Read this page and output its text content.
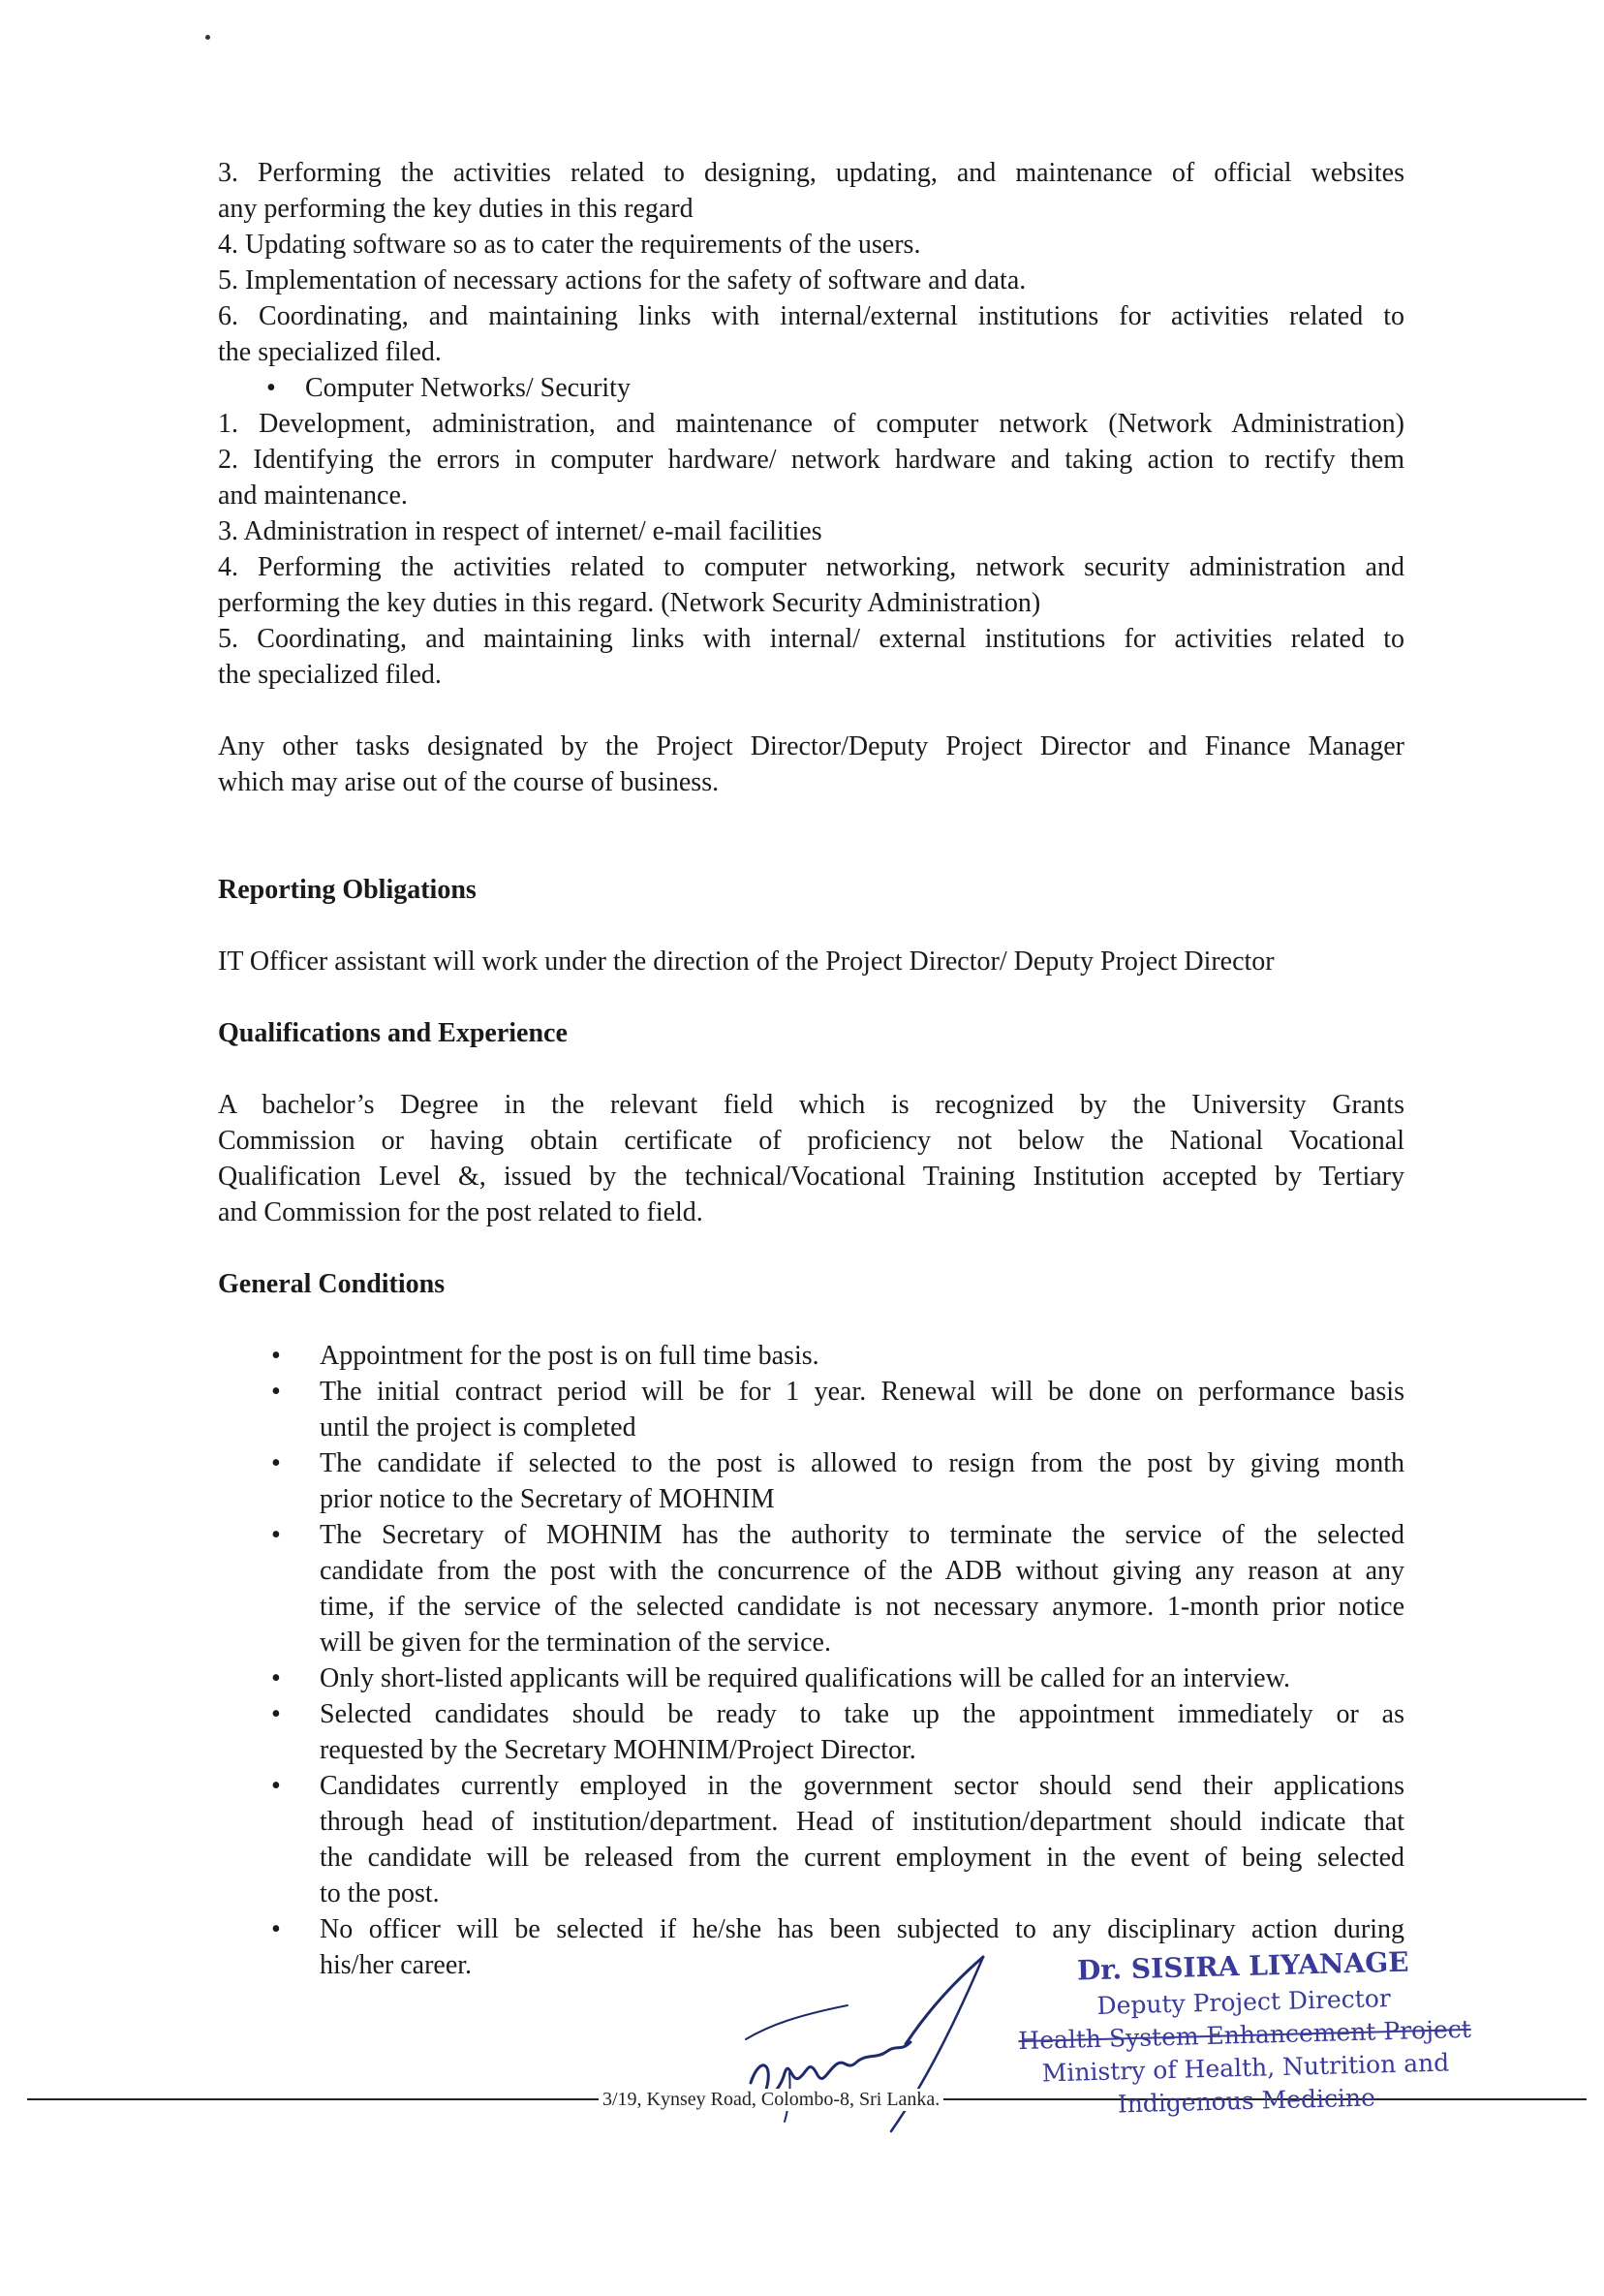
3. Performing the activities related to designing, updating, and maintenance of official websites
any performing the key duties in this regard
4. Updating software so as to cater the requirements of the users.
5. Implementation of necessary actions for the safety of software and data.
6. Coordinating, and maintaining links with internal/external institutions for activities related to
the specialized filed.
• Computer Networks/ Security
1. Development, administration, and maintenance of computer network (Network Administration)
2. Identifying the errors in computer hardware/ network hardware and taking action to rectify them
and maintenance.
3. Administration in respect of internet/ e-mail facilities
4. Performing the activities related to computer networking, network security administration and
performing the key duties in this regard. (Network Security Administration)
5. Coordinating, and maintaining links with internal/ external institutions for activities related to
the specialized filed.
Any other tasks designated by the Project Director/Deputy Project Director and Finance Manager
which may arise out of the course of business.

Reporting Obligations

IT Officer assistant will work under the direction of the Project Director/ Deputy Project Director

Qualifications and Experience

A bachelor’s Degree in the relevant field which is recognized by the University Grants
Commission or having obtain certificate of proficiency not below the National Vocational
Qualification Level &, issued by the technical/Vocational Training Institution accepted by Tertiary
and Commission for the post related to field.

General Conditions

• Appointment for the post is on full time basis.
• The initial contract period will be for 1 year. Renewal will be done on performance basis
until the project is completed
• The candidate if selected to the post is allowed to resign from the post by giving month
prior notice to the Secretary of MOHNIM
• The Secretary of MOHNIM has the authority to terminate the service of the selected
candidate from the post with the concurrence of the ADB without giving any reason at any
time, if the service of the selected candidate is not necessary anymore. 1-month prior notice
will be given for the termination of the service.
• Only short-listed applicants will be required qualifications will be called for an interview.
• Selected candidates should be ready to take up the appointment immediately or as
requested by the Secretary MOHNIM/Project Director.
• Candidates currently employed in the government sector should send their applications
through head of institution/department. Head of institution/department should indicate that
the candidate will be released from the current employment in the event of being selected
to the post.
• No officer will be selected if he/she has been subjected to any disciplinary action during
his/her career.
3/19, Kynsey Road, Colombo-8, Sri Lanka.
Dr. SISIRA LIYANAGE
Deputy Project Director
Health System Enhancement Project
Ministry of Health, Nutrition and
Indigenous Medicine
